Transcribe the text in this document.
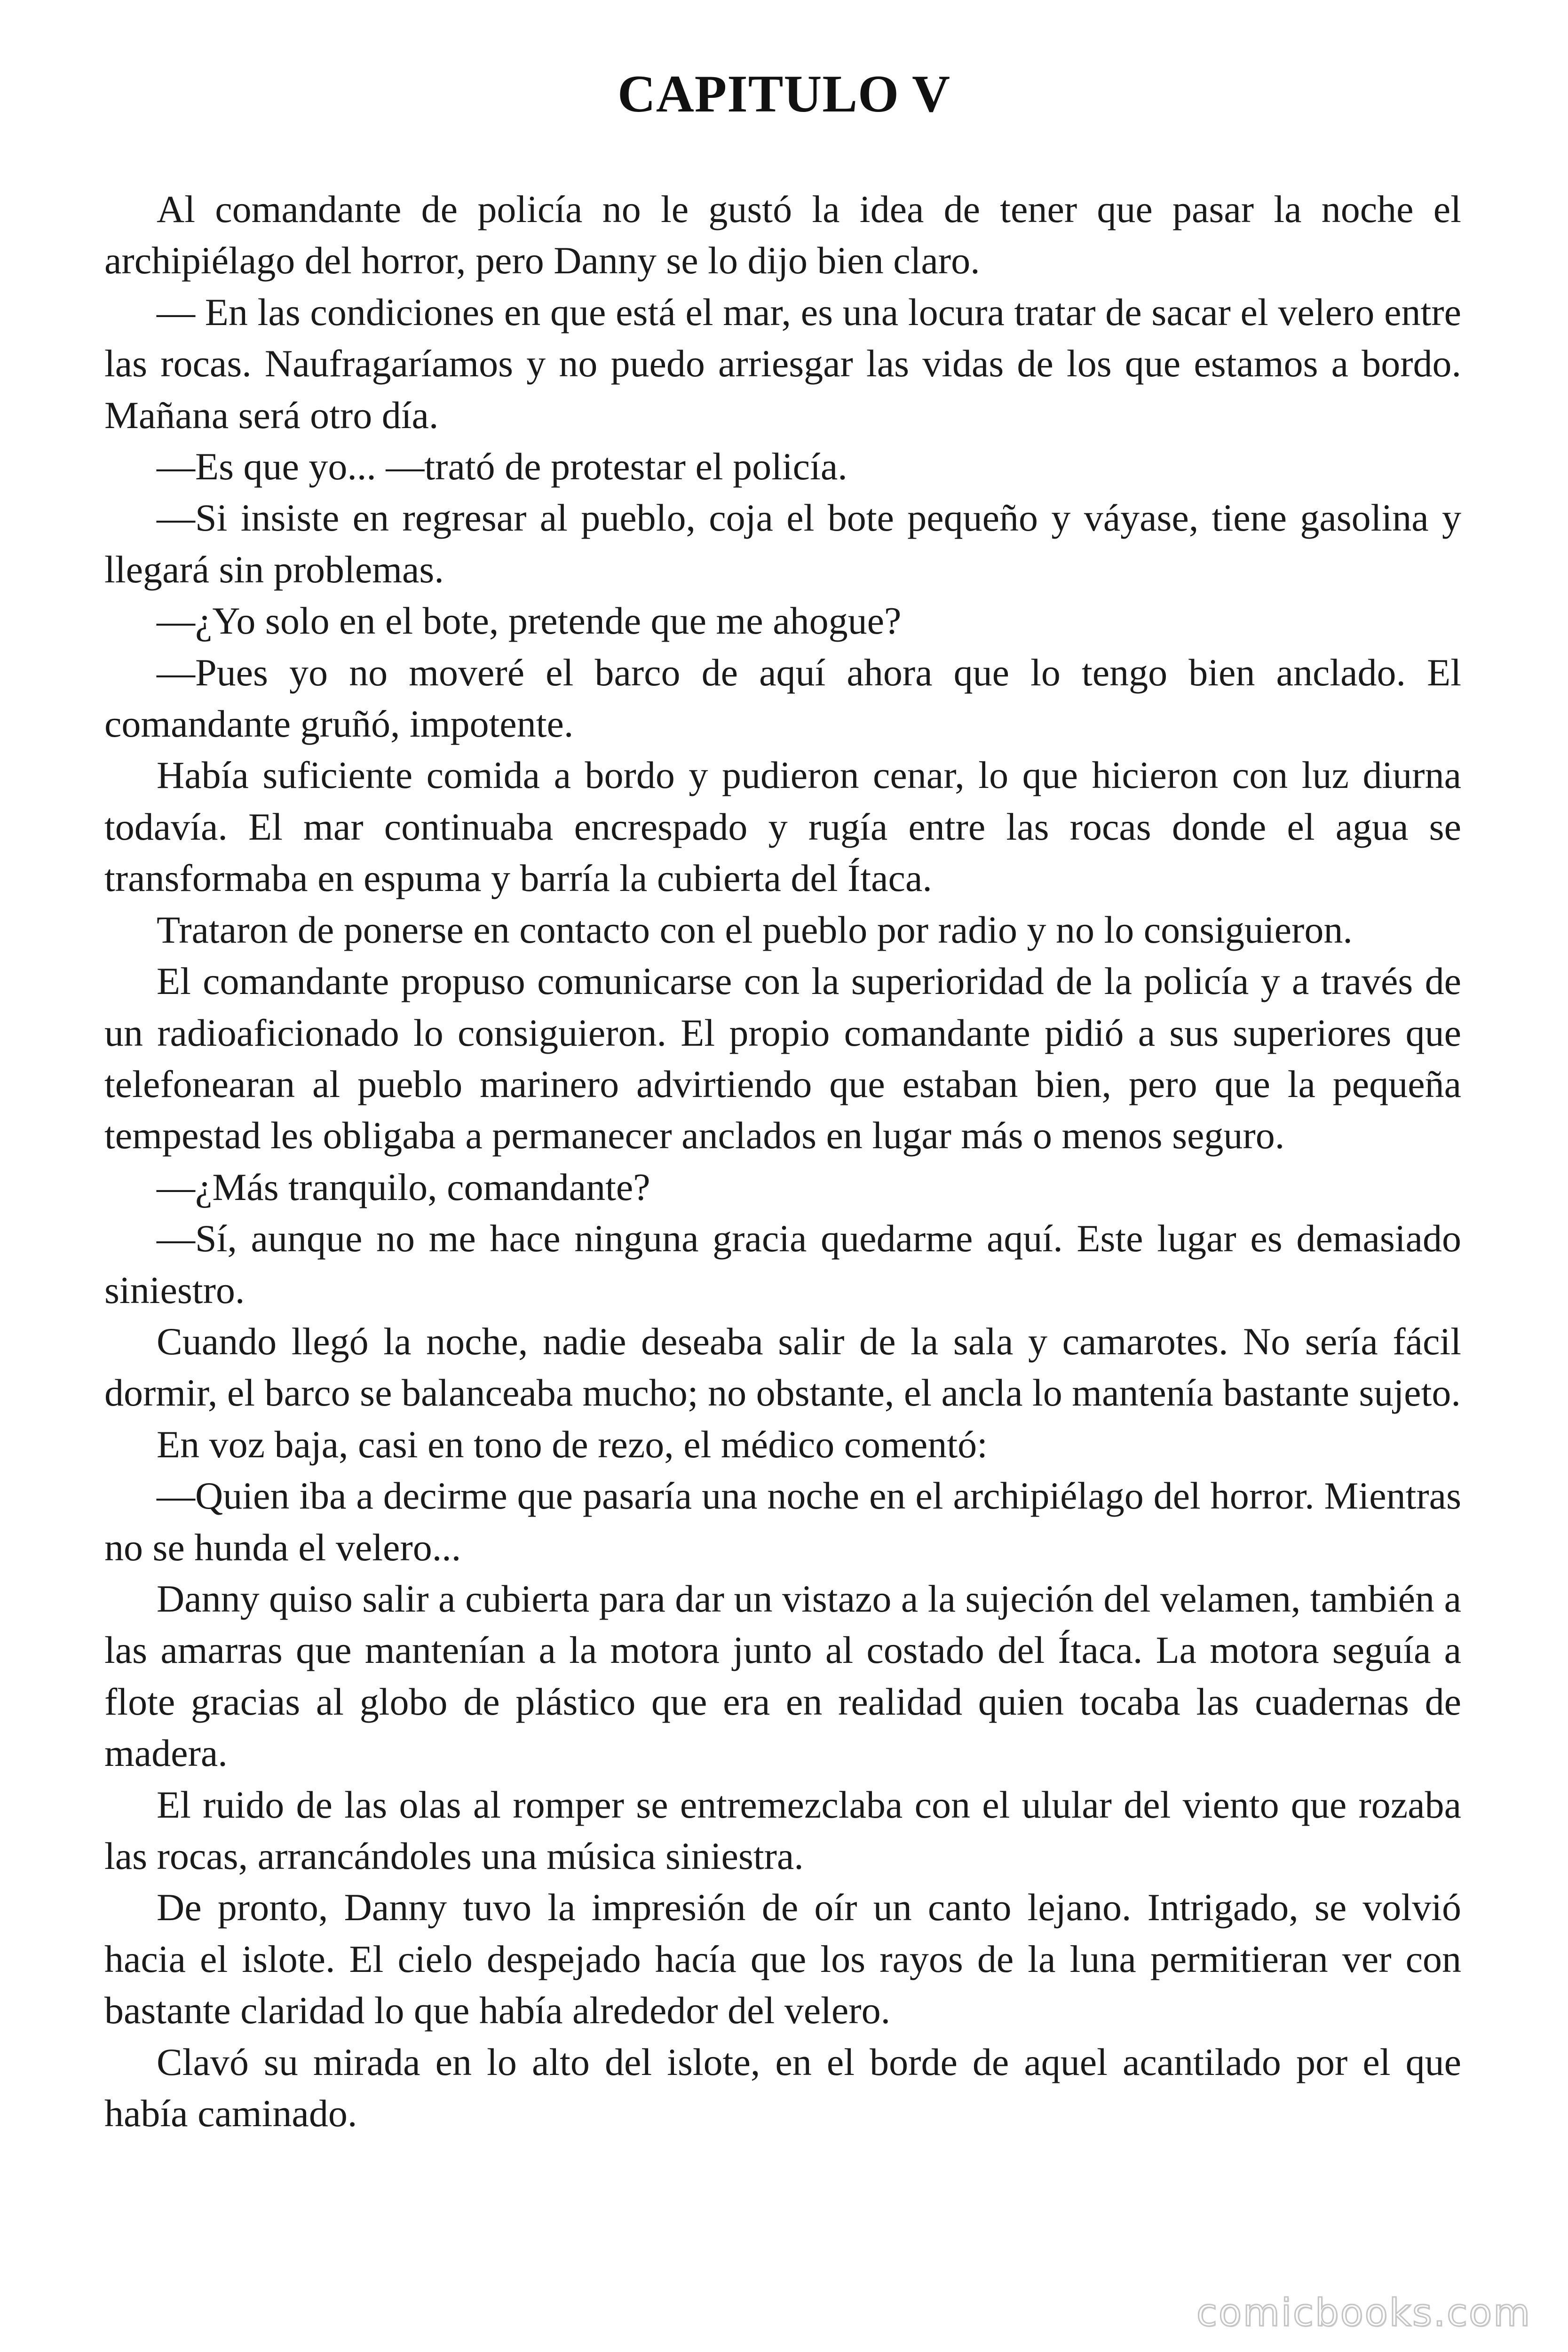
CAPITULO V

Al comandante de policía no le gustó la idea de tener que pasar la noche el archipiélago del horror, pero Danny se lo dijo bien claro.

— En las condiciones en que está el mar, es una locura tratar de sacar el velero entre las rocas. Naufragaríamos y no puedo arriesgar las vidas de los que estamos a bordo. Mañana será otro día.

—Es que yo... —trató de protestar el policía.

—Si insiste en regresar al pueblo, coja el bote pequeño y váyase, tiene gasolina y llegará sin problemas.

—¿Yo solo en el bote, pretende que me ahogue?

—Pues yo no moveré el barco de aquí ahora que lo tengo bien anclado. El comandante gruñó, impotente.

Había suficiente comida a bordo y pudieron cenar, lo que hicieron con luz diurna todavía. El mar continuaba encrespado y rugía entre las rocas donde el agua se transformaba en espuma y barría la cubierta del Ítaca.

Trataron de ponerse en contacto con el pueblo por radio y no lo consiguieron.

El comandante propuso comunicarse con la superioridad de la policía y a través de un radioaficionado lo consiguieron. El propio comandante pidió a sus superiores que telefonearan al pueblo marinero advirtiendo que estaban bien, pero que la pequeña tempestad les obligaba a permanecer anclados en lugar más o menos seguro.

—¿Más tranquilo, comandante?

—Sí, aunque no me hace ninguna gracia quedarme aquí. Este lugar es demasiado siniestro.

Cuando llegó la noche, nadie deseaba salir de la sala y camarotes. No sería fácil dormir, el barco se balanceaba mucho; no obstante, el ancla lo mantenía bastante sujeto.

En voz baja, casi en tono de rezo, el médico comentó:

—Quien iba a decirme que pasaría una noche en el archipiélago del horror. Mientras no se hunda el velero...

Danny quiso salir a cubierta para dar un vistazo a la sujeción del velamen, también a las amarras que mantenían a la motora junto al costado del Ítaca. La motora seguía a flote gracias al globo de plástico que era en realidad quien tocaba las cuadernas de madera.

El ruido de las olas al romper se entremezclaba con el ulular del viento que rozaba las rocas, arrancándoles una música siniestra.

De pronto, Danny tuvo la impresión de oír un canto lejano. Intrigado, se volvió hacia el islote. El cielo despejado hacía que los rayos de la luna permitieran ver con bastante claridad lo que había alrededor del velero.

Clavó su mirada en lo alto del islote, en el borde de aquel acantilado por el que había caminado.

comicbooks.com
